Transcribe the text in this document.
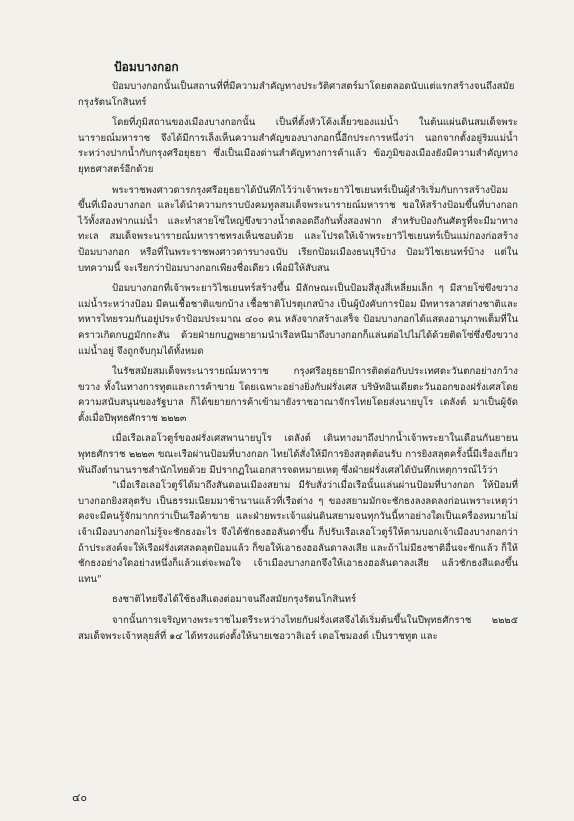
ป้อมบางกอก

ป้อมบางกอกนั้นเป็นสถานที่ที่มีความสำคัญทางประวัติศาสตร์มาโดยตลอดนับแต่แรกสร้างจนถึงสมัยกรุงรัตนโกสินทร์

โดยที่ภูมิสถานของเมืองบางกอกนั้น เป็นที่ตั้งหัวโค้งเลี้ยวของแม่น้ำ ในต้นแผ่นดินสมเด็จพระนารายณ์มหาราช จึงได้มีการเล็งเห็นความสำคัญของบางกอกนี้อีกประการหนึ่งว่า นอกจากตั้งอยู่ริมแม่น้ำระหว่างปากน้ำกับกรุงศรีอยุธยา ซึ่งเป็นเมืองด่านสำคัญทางการค้าแล้ว ข้อภูมิของเมืองยังมีความสำคัญทางยุทธศาสตร์อีกด้วย

พระราชพงศาวดารกรุงศรีอยุธยาได้บันทึกไว้ว่าเจ้าพระยาวิไชเยนทร์เป็นผู้สำริเริ่มกับการสร้างป้อมขึ้นที่เมืองบางกอก และได้นำความกราบบังคมทูลสมเด็จพระนารายณ์มหาราช ขอให้สร้างป้อมขึ้นที่บางกอกไว้ทั้งสองฟากแม่น้ำ และทำสายโซ่ใหญ่ขึงขวางน้ำตลอดถึงกันทั้งสองฟาก สำหรับป้องกันศัตรูที่จะมีมาทางทะเล สมเด็จพระนารายณ์มหาราชทรงเห็นชอบด้วย และโปรดให้เจ้าพระยาวิไชเยนทร์เป็นแม่กองก่อสร้างป้อมบางกอก หรือที่ในพระราชพงศาวดารบางฉบับ เรียกป้อมเมืองธนบุรีบ้าง ป้อมวิไชเยนทร์บ้าง แต่ในบทความนี้ จะเรียกว่าป้อมบางกอกเพียงชื่อเดียว เพื่อมิให้สับสน

ป้อมบางกอกที่เจ้าพระยาวิไชเยนทร์สร้างขึ้น มีลักษณะเป็นป้อมสี่สูงสี่เหลี่ยมเล็ก ๆ มีสายโซ่ขึงขวางแม่น้ำระหว่างป้อม มีคนเชื้อชาติแขกบ้าง เชื้อชาติโปรตุเกสบ้าง เป็นผู้บังคับการป้อม มีทหารลาสต่างชาติและทหารไทยรวมกันอยู่ประจำป้อมประมาณ ๔๐๐ คน หลังจากสร้างเสร็จ ป้อมบางกอกได้แสดงอานุภาพเต็มที่ในคราวเกิดกบฏมักกะสัน ด้วยฝ่ายกบฏพยายามนำเรือหนีมาถึงบางกอกก็แล่นต่อไปไม่ได้ด้วยติดโซ่ซึ่งขึงขวางแม่น้ำอยู่ จึงถูกจับกุมได้ทั้งหมด

ในรัชสมัยสมเด็จพระนารายณ์มหาราช กรุงศรีอยุธยามีการติดต่อกับประเทศตะวันตกอย่างกว้างขวาง ทั้งในทางการทูตและการค้าขาย โดยเฉพาะอย่างยิ่งกับฝรั่งเศส บริษัทอินเดียตะวันออกของฝรั่งเศสโดยความสนับสนุนของรัฐบาล ก็ได้ขยายการค้าเข้ามายังราชอาณาจักรไทยโดยส่งนายบูโร เดลังต์ มาเป็นผู้จัดตั้งเมื่อปีพุทธศักราช ๒๒๒๓

เมื่อเรือเลอโวตูร์ของฝรั่งเศสพานายบูโร เดลังต์ เดินทางมาถึงปากน้ำเจ้าพระยาในเดือนกันยายน พุทธศักราช ๒๒๒๓ ขณะเรือผ่านป้อมที่บางกอก ไทยได้สั่งให้มีการยิงสลุตต้อนรับ การยิงสลุตครั้งนี้มีเรื่องเกี่ยวพันถึงตำนานราชสำนักไทยด้วย มีปรากฏในเอกสารจดหมายเหตุ ซึ่งฝ่ายฝรั่งเศสได้บันทึกเหตุการณ์ไว้ว่า

"เมื่อเรือเลอโวตูร์ได้มาถึงสันดอนเมืองสยาม มีรับสั่งว่าเมื่อเรือนั้นแล่นผ่านป้อมที่บางกอก ให้ป้อมที่บางกอกยิงสลุตรับ เป็นธรรมเนียมมาช้านานแล้วที่เรือต่าง ๆ ของสยามมักจะชักธงลงลดลงก่อนเพราะเหตุว่าคงจะมีคนรู้จักมากกว่าเป็นเรือค้าขาย และฝ่ายพระเจ้าแผ่นดินสยามจนทุกวันนี้หาอย่างใดเป็นเครื่องหมายไม่ เจ้าเมืองบางกอกไม่รู้จะชักธงอะไร จึงได้ชักธงฮอลันดาขึ้น ก็ปรับเรือเลอโวตูร์ให้ตามบอกเจ้าเมืองบางกอกว่า ถ้าประสงค์จะให้เรือฝรั่งเศสลดลุตป้อมแล้ว ก็ขอให้เอาธงฮอลันดาลงเสีย และถ้าไม่มีธงชาติอื่นจะชักแล้ว ก็ให้ชักธงอย่างใดอย่างหนึ่งก็แล้วแต่จะพอใจ เจ้าเมืองบางกอกจึงให้เอาธงฮอลันดาลงเสีย แล้วชักธงสีแดงขึ้นแทน"

ธงชาติไทยจึงได้ใช้ธงสีแดงต่อมาจนถึงสมัยกรุงรัตนโกสินทร์

จากนั้นการเจริญทางพระราชไมตรีระหว่างไทยกับฝรั่งเศสจึงได้เริ่มต้นขึ้นในปีพุทธศักราช ๒๒๒๕ สมเด็จพระเจ้าหลุยส์ที่ ๑๔ ได้ทรงแต่งตั้งให้นายเชอวาลิเอร์ เดอโชมองต์ เป็นราชทูต และ

๔๐
